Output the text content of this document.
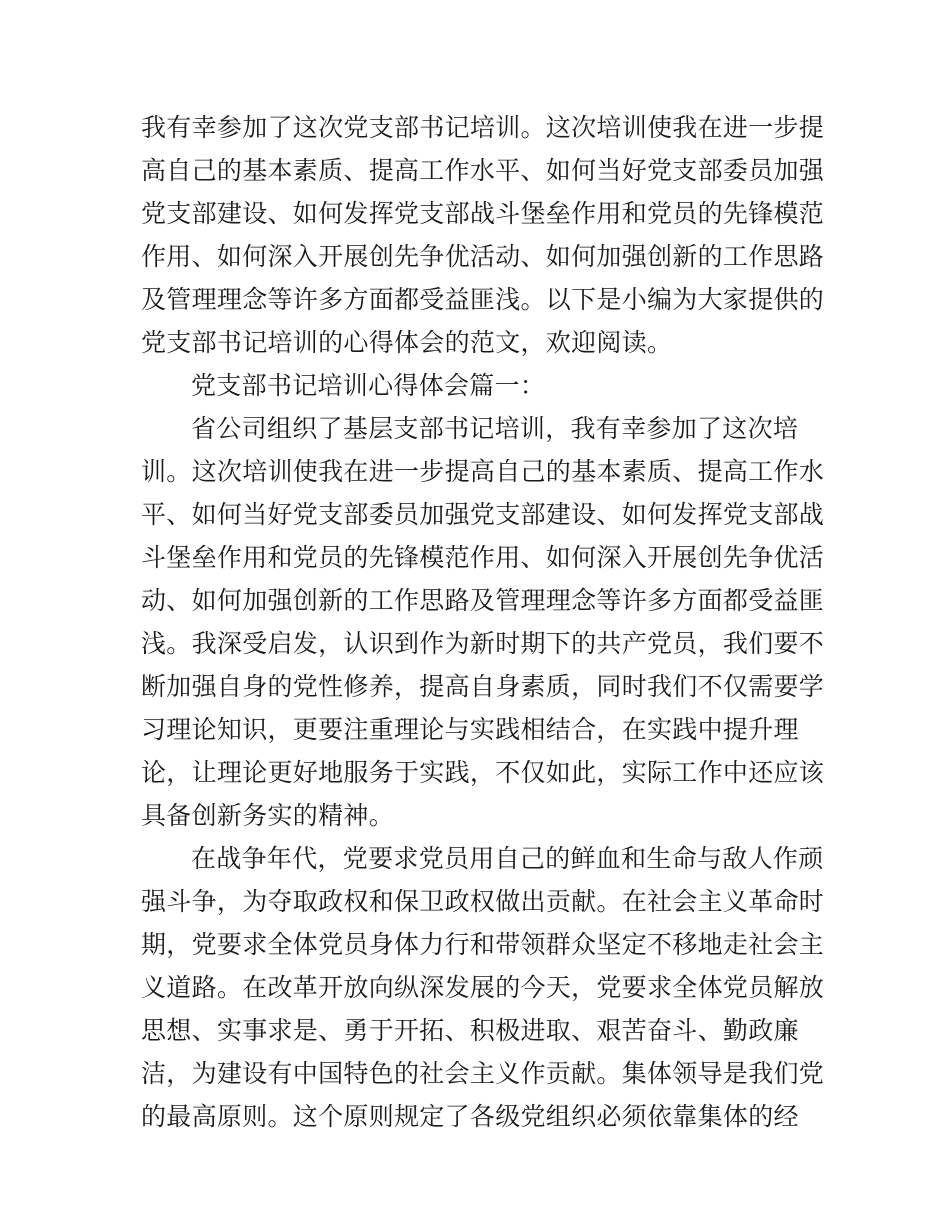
我有幸参加了这次党支部书记培训。这次培训使我在进一步提
高自己的基本素质、提高工作水平、如何当好党支部委员加强
党支部建设、如何发挥党支部战斗堡垒作用和党员的先锋模范
作用、如何深入开展创先争优活动、如何加强创新的工作思路
及管理理念等许多方面都受益匪浅。以下是小编为大家提供的
党支部书记培训的心得体会的范文，欢迎阅读。
党支部书记培训心得体会篇一：
省公司组织了基层支部书记培训，我有幸参加了这次培
训。这次培训使我在进一步提高自己的基本素质、提高工作水
平、如何当好党支部委员加强党支部建设、如何发挥党支部战
斗堡垒作用和党员的先锋模范作用、如何深入开展创先争优活
动、如何加强创新的工作思路及管理理念等许多方面都受益匪
浅。我深受启发，认识到作为新时期下的共产党员，我们要不
断加强自身的党性修养，提高自身素质，同时我们不仅需要学
习理论知识，更要注重理论与实践相结合，在实践中提升理
论，让理论更好地服务于实践，不仅如此，实际工作中还应该
具备创新务实的精神。
在战争年代，党要求党员用自己的鲜血和生命与敌人作顽
强斗争，为夺取政权和保卫政权做出贡献。在社会主义革命时
期，党要求全体党员身体力行和带领群众坚定不移地走社会主
义道路。在改革开放向纵深发展的今天，党要求全体党员解放
思想、实事求是、勇于开拓、积极进取、艰苦奋斗、勤政廉
洁，为建设有中国特色的社会主义作贡献。集体领导是我们党
的最高原则。这个原则规定了各级党组织必须依靠集体的经
